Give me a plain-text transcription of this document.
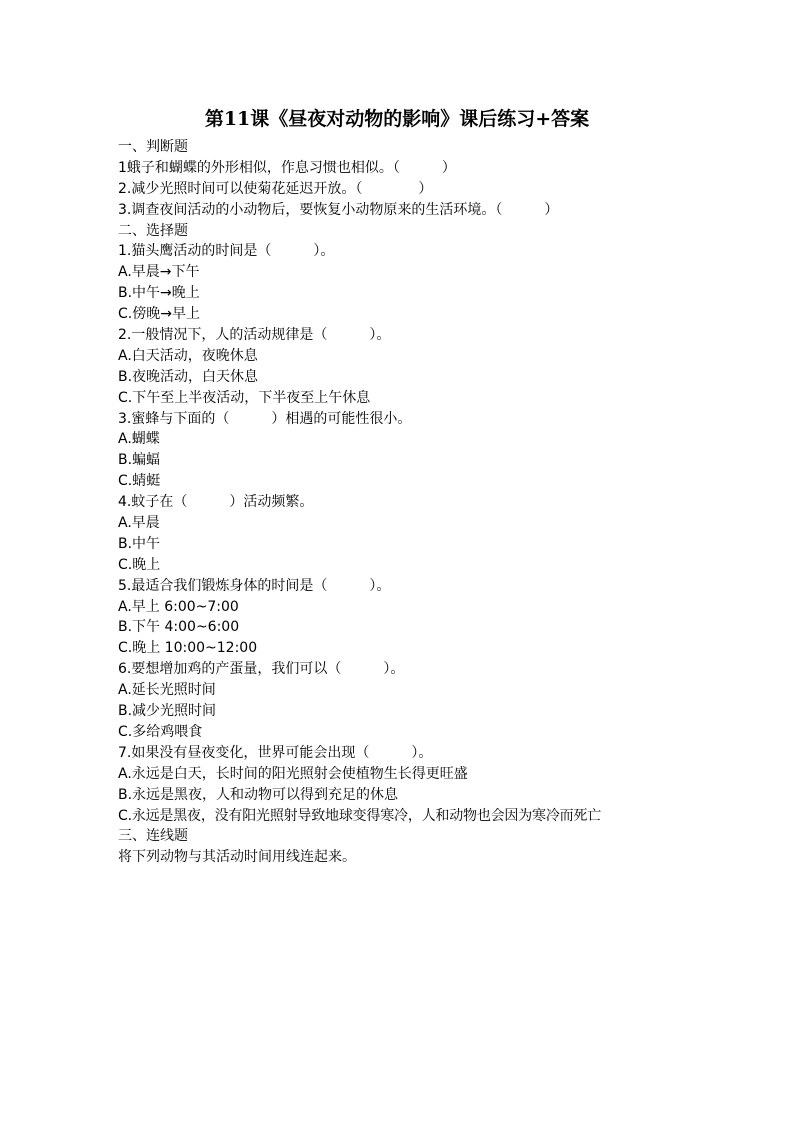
第11课《昼夜对动物的影响》课后练习+答案
一、判断题
1蛾子和蝴蝶的外形相似，作息习惯也相似。（　　　）
2.减少光照时间可以使菊花延迟开放。（　　　　）
3.调查夜间活动的小动物后，要恢复小动物原来的生活环境。（　　　）
二、选择题
1.猫头鹰活动的时间是（　　　）。
A.早晨→下午
B.中午→晚上
C.傍晚→早上
2.一般情况下，人的活动规律是（　　　）。
A.白天活动，夜晚休息
B.夜晚活动，白天休息
C.下午至上半夜活动，下半夜至上午休息
3.蜜蜂与下面的（　　　）相遇的可能性很小。
A.蝴蝶
B.蝙蝠
C.蜻蜓
4.蚊子在（　　　）活动频繁。
A.早晨
B.中午
C.晚上
5.最适合我们锻炼身体的时间是（　　　）。
A.早上 6:00~7:00
B.下午 4:00~6:00
C.晚上 10:00~12:00
6.要想增加鸡的产蛋量，我们可以（　　　）。
A.延长光照时间
B.减少光照时间
C.多给鸡喂食
7.如果没有昼夜变化，世界可能会出现（　　　）。
A.永远是白天，长时间的阳光照射会使植物生长得更旺盛
B.永远是黑夜，人和动物可以得到充足的休息
C.永远是黑夜，没有阳光照射导致地球变得寒冷，人和动物也会因为寒冷而死亡
三、连线题
将下列动物与其活动时间用线连起来。
